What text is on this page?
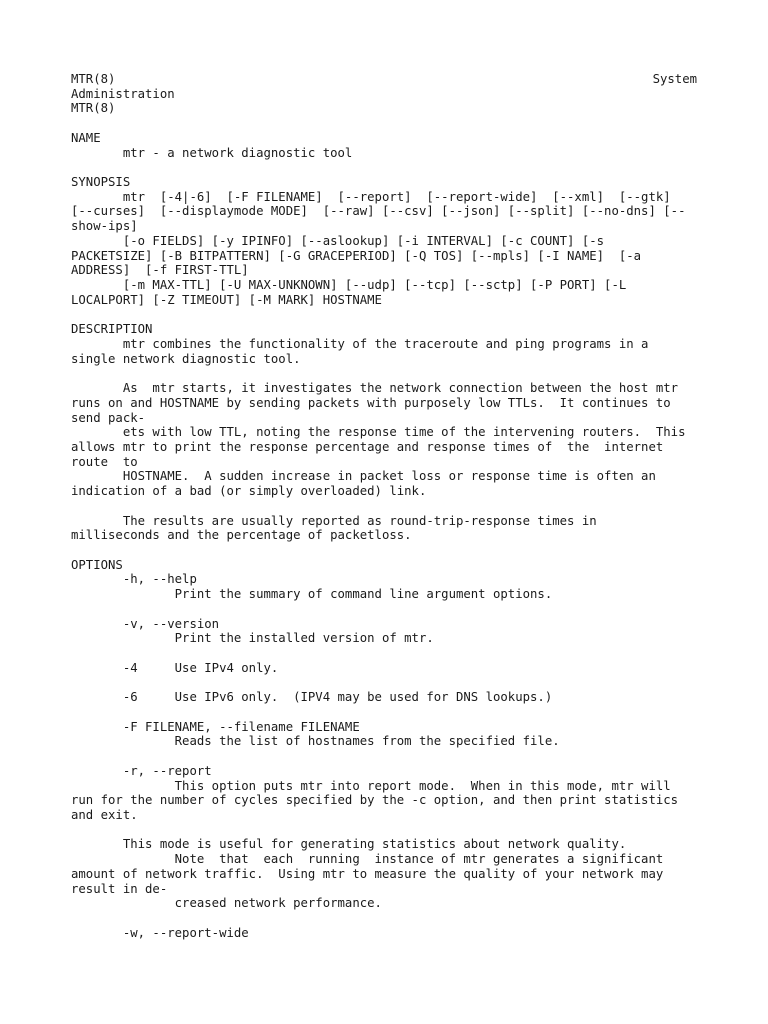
MTR(8)	System
Administration
MTR(8)
NAME
mtr - a network diagnostic tool
SYNOPSIS
mtr  [-4|-6]  [-F FILENAME]  [--report]  [--report-wide]  [--xml]  [--gtk]
[--curses]  [--displaymode MODE]  [--raw] [--csv] [--json] [--split] [--no-dns] [--
show-ips]
[-o FIELDS] [-y IPINFO] [--aslookup] [-i INTERVAL] [-c COUNT] [-s
PACKETSIZE] [-B BITPATTERN] [-G GRACEPERIOD] [-Q TOS] [--mpls] [-I NAME]  [-a
ADDRESS]  [-f FIRST-TTL]
[-m MAX-TTL] [-U MAX-UNKNOWN] [--udp] [--tcp] [--sctp] [-P PORT] [-L
LOCALPORT] [-Z TIMEOUT] [-M MARK] HOSTNAME
DESCRIPTION
mtr combines the functionality of the traceroute and ping programs in a
single network diagnostic tool.
As  mtr starts, it investigates the network connection between the host mtr
runs on and HOSTNAME by sending packets with purposely low TTLs.  It continues to
send pack-
ets with low TTL, noting the response time of the intervening routers.  This
allows mtr to print the response percentage and response times of  the  internet
route  to
HOSTNAME.  A sudden increase in packet loss or response time is often an
indication of a bad (or simply overloaded) link.
The results are usually reported as round-trip-response times in
milliseconds and the percentage of packetloss.
OPTIONS
-h, --help
Print the summary of command line argument options.
-v, --version
Print the installed version of mtr.
-4     Use IPv4 only.
-6     Use IPv6 only.  (IPV4 may be used for DNS lookups.)
-F FILENAME, --filename FILENAME
Reads the list of hostnames from the specified file.
-r, --report
This option puts mtr into report mode.  When in this mode, mtr will
run for the number of cycles specified by the -c option, and then print statistics
and exit.
This mode is useful for generating statistics about network quality.
Note  that  each  running  instance of mtr generates a significant
amount of network traffic.  Using mtr to measure the quality of your network may
result in de-
creased network performance.
-w, --report-wide
